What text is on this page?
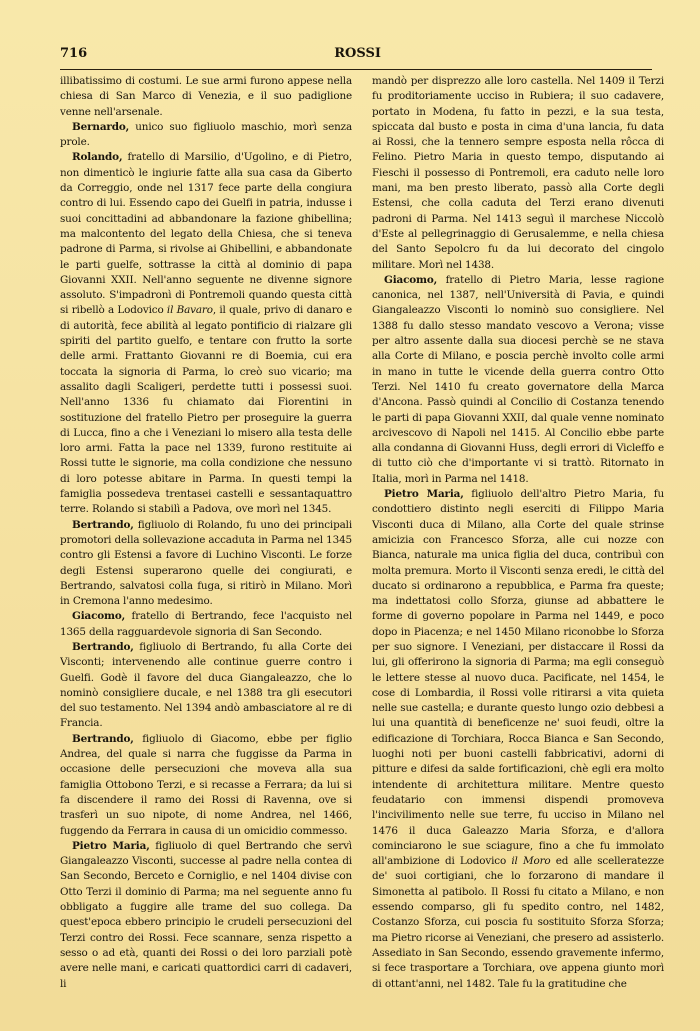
716	ROSSI

illibatissimo di costumi. Le sue armi furono appese nella chiesa di San Marco di Venezia, e il suo padiglione venne nell'arsenale.

Bernardo, unico suo figliuolo maschio, morì senza prole.

Rolando, fratello di Marsilio, d'Ugolino, e di Pietro, non dimenticò le ingiurie fatte alla sua casa da Giberto da Correggio, onde nel 1317 fece parte della congiura contro di lui. Essendo capo dei Guelfi in patria, indusse i suoi concittadini ad abbandonare la fazione ghibellina; ma malcontento del legato della Chiesa, che si teneva padrone di Parma, si rivolse ai Ghibellini, e abbandonate le parti guelfe, sottrasse la città al dominio di papa Giovanni XXII. Nell'anno seguente ne divenne signore assoluto. S'impadronì di Pontremoli quando questa città si ribellò a Lodovico il Bavaro, il quale, privo di danaro e di autorità, fece abilità al legato pontificio di rialzare gli spiriti del partito guelfo, e tentare con frutto la sorte delle armi. Frattanto Giovanni re di Boemia, cui era toccata la signoria di Parma, lo creò suo vicario; ma assalito dagli Scaligeri, perdette tutti i possessi suoi. Nell'anno 1336 fu chiamato dai Fiorentini in sostituzione del fratello Pietro per proseguire la guerra di Lucca, fino a che i Veneziani lo misero alla testa delle loro armi. Fatta la pace nel 1339, furono restituite ai Rossi tutte le signorie, ma colla condizione che nessuno di loro potesse abitare in Parma. In questi tempi la famiglia possedeva trentasei castelli e sessantaquattro terre. Rolando si stabilì a Padova, ove morì nel 1345.

Bertrando, figliuolo di Rolando, fu uno dei principali promotori della sollevazione accaduta in Parma nel 1345 contro gli Estensi a favore di Luchino Visconti. Le forze degli Estensi superarono quelle dei congiurati, e Bertrando, salvatosi colla fuga, si ritirò in Milano. Morì in Cremona l'anno medesimo.

Giacomo, fratello di Bertrando, fece l'acquisto nel 1365 della ragguardevole signoria di San Secondo.

Bertrando, figliuolo di Bertrando, fu alla Corte dei Visconti; intervenendo alle continue guerre contro i Guelfi. Godè il favore del duca Giangaleazzo, che lo nominò consigliere ducale, e nel 1388 tra gli esecutori del suo testamento. Nel 1394 andò ambasciatore al re di Francia.

Bertrando, figliuolo di Giacomo, ebbe per figlio Andrea, del quale si narra che fuggisse da Parma in occasione delle persecuzioni che moveva alla sua famiglia Ottobono Terzi, e si recasse a Ferrara; da lui si fa discendere il ramo dei Rossi di Ravenna, ove si trasferì un suo nipote, di nome Andrea, nel 1466, fuggendo da Ferrara in causa di un omicidio commesso.

Pietro Maria, figliuolo di quel Bertrando che servì Giangaleazzo Visconti, successe al padre nella contea di San Secondo, Berceto e Corniglio, e nel 1404 divise con Otto Terzi il dominio di Parma; ma nel seguente anno fu obbligato a fuggire alle trame del suo collega. Da quest'epoca ebbero principio le crudeli persecuzioni del Terzi contro dei Rossi. Fece scannare, senza rispetto a sesso o ad età, quanti dei Rossi o dei loro parziali potè avere nelle mani, e caricati quattordici carri di cadaveri, li

mandò per disprezzo alle loro castella. Nel 1409 il Terzi fu proditoriamente ucciso in Rubiera; il suo cadavere, portato in Modena, fu fatto in pezzi, e la sua testa, spiccata dal busto e posta in cima d'una lancia, fu data ai Rossi, che la tennero sempre esposta nella rôcca di Felino. Pietro Maria in questo tempo, disputando ai Fieschi il possesso di Pontremoli, era caduto nelle loro mani, ma ben presto liberato, passò alla Corte degli Estensi, che colla caduta del Terzi erano divenuti padroni di Parma. Nel 1413 seguì il marchese Niccolò d'Este al pellegrinaggio di Gerusalemme, e nella chiesa del Santo Sepolcro fu da lui decorato del cingolo militare. Morì nel 1438.

Giacomo, fratello di Pietro Maria, lesse ragione canonica, nel 1387, nell'Università di Pavia, e quindi Giangaleazzo Visconti lo nominò suo consigliere. Nel 1388 fu dallo stesso mandato vescovo a Verona; visse per altro assente dalla sua diocesi perchè se ne stava alla Corte di Milano, e poscia perchè involto colle armi in mano in tutte le vicende della guerra contro Otto Terzi. Nel 1410 fu creato governatore della Marca d'Ancona. Passò quindi al Concilio di Costanza tenendo le parti di papa Giovanni XXII, dal quale venne nominato arcivescovo di Napoli nel 1415. Al Concilio ebbe parte alla condanna di Giovanni Huss, degli errori di Vicleffo e di tutto ciò che d'importante vi si trattò. Ritornato in Italia, morì in Parma nel 1418.

Pietro Maria, figliuolo dell'altro Pietro Maria, fu condottiero distinto negli eserciti di Filippo Maria Visconti duca di Milano, alla Corte del quale strinse amicizia con Francesco Sforza, alle cui nozze con Bianca, naturale ma unica figlia del duca, contribuì con molta premura. Morto il Visconti senza eredi, le città del ducato si ordinarono a repubblica, e Parma fra queste; ma indettatosi collo Sforza, giunse ad abbattere le forme di governo popolare in Parma nel 1449, e poco dopo in Piacenza; e nel 1450 Milano riconobbe lo Sforza per suo signore. I Veneziani, per distaccare il Rossi da lui, gli offerirono la signoria di Parma; ma egli conseguò le lettere stesse al nuovo duca. Pacificate, nel 1454, le cose di Lombardia, il Rossi volle ritirarsi a vita quieta nelle sue castella; e durante questo lungo ozio debbesi a lui una quantità di beneficenze ne' suoi feudi, oltre la edificazione di Torchiara, Rocca Bianca e San Secondo, luoghi noti per buoni castelli fabbricativi, adorni di pitture e difesi da salde fortificazioni, chè egli era molto intendente di architettura militare. Mentre questo feudatario con immensi dispendi promoveva l'incivilimento nelle sue terre, fu ucciso in Milano nel 1476 il duca Galeazzo Maria Sforza, e d'allora cominciarono le sue sciagure, fino a che fu immolato all'ambizione di Lodovico il Moro ed alle scelleratezze de' suoi cortigiani, che lo forzarono di mandare il Simonetta al patibolo. Il Rossi fu citato a Milano, e non essendo comparso, gli fu spedito contro, nel 1482, Costanzo Sforza, cui poscia fu sostituito Sforza Sforza; ma Pietro ricorse ai Veneziani, che presero ad assisterlo. Assediato in San Secondo, essendo gravemente infermo, si fece trasportare a Torchiara, ove appena giunto morì di ottant'anni, nel 1482. Tale fu la gratitudine che
